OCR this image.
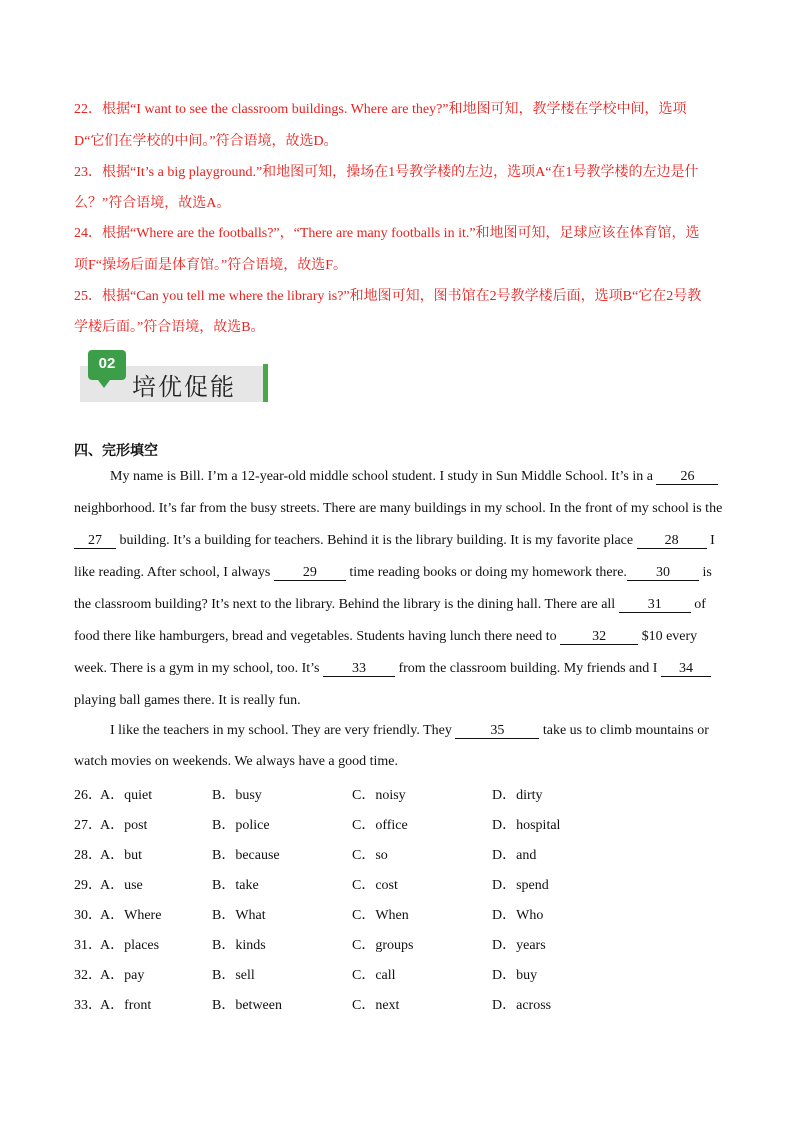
22．根据“I want to see the classroom buildings. Where are they?”和地图可知，教学楼在学校中间，选项
D“它们在学校的中间。”符合语境，故选D。
23．根据“It’s a big playground.”和地图可知，操场在1号教学楼的左边，选项A“在1号教学楼的左边是什
么？”符合语境，故选A。
24．根据“Where are the footballs?”，“There are many footballs in it.”和地图可知，足球应该在体育馆，选
项F“操场后面是体育馆。”符合语境，故选F。
25．根据“Can you tell me where the library is?”和地图可知，图书馆在2号教学楼后面，选项B“它在2号教
学楼后面。”符合语境，故选B。
02
培优促能
四、完形填空
My name is Bill. I’m a 12-year-old middle school student. I study in Sun Middle School. It’s in a 26
neighborhood. It’s far from the busy streets. There are many buildings in my school. In the front of my school is the
27 building. It’s a building for teachers. Behind it is the library building. It is my favorite place 28 I
like reading. After school, I always 29 time reading books or doing my homework there. 30 is
the classroom building? It’s next to the library. Behind the library is the dining hall. There are all 31 of
food there like hamburgers, bread and vegetables. Students having lunch there need to 32 $10 every
week. There is a gym in my school, too. It’s 33 from the classroom building. My friends and I 34
playing ball games there. It is really fun.
I like the teachers in my school. They are very friendly. They	35	take us to climb mountains or
watch movies on weekends. We always have a good time.
26．
A．quiet	B．busy	C．noisy	D．dirty
27．
A．post	B．police	C．office	D．hospital
28．
A．but	B．because	C．so	D．and
29．
A．use	B．take	C．cost	D．spend
30．
A．Where	B．What	C．When	D．Who
31．
A．places	B．kinds	C．groups	D．years
32．
A．pay	B．sell	C．call	D．buy
33．
A．front	B．between	C．next	D．across
